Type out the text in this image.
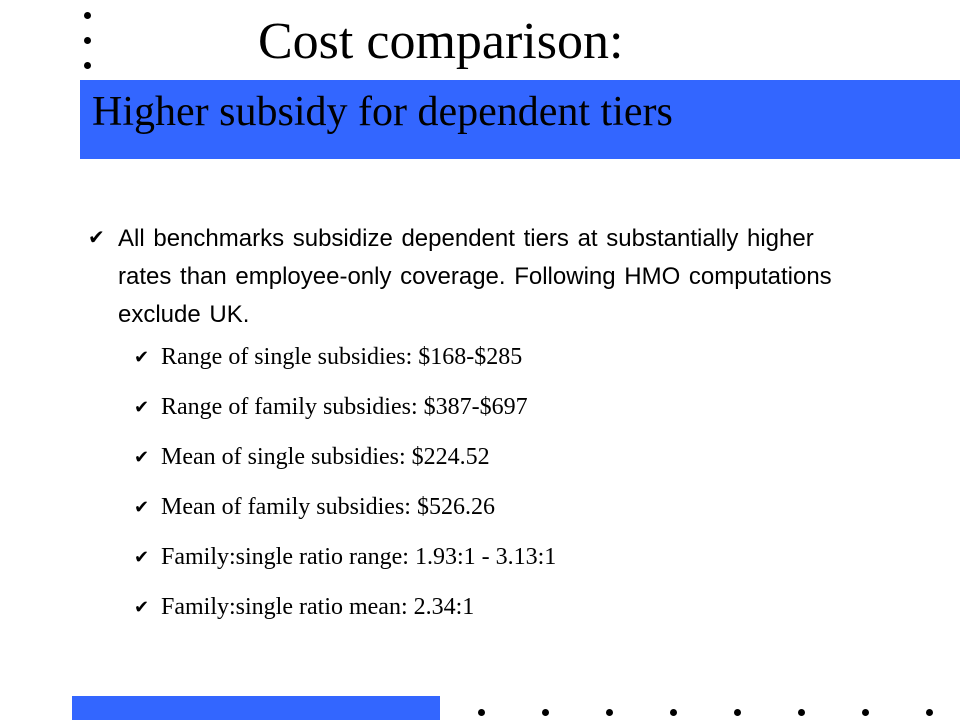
Cost comparison:
Higher subsidy for dependent tiers
✔ All benchmarks subsidize dependent tiers at substantially higher rates than employee-only coverage. Following HMO computations exclude UK.
✔ Range of single subsidies: $168-$285
✔ Range of family subsidies: $387-$697
✔ Mean of single subsidies: $224.52
✔ Mean of family subsidies: $526.26
✔ Family:single ratio range: 1.93:1 - 3.13:1
✔ Family:single ratio mean: 2.34:1
